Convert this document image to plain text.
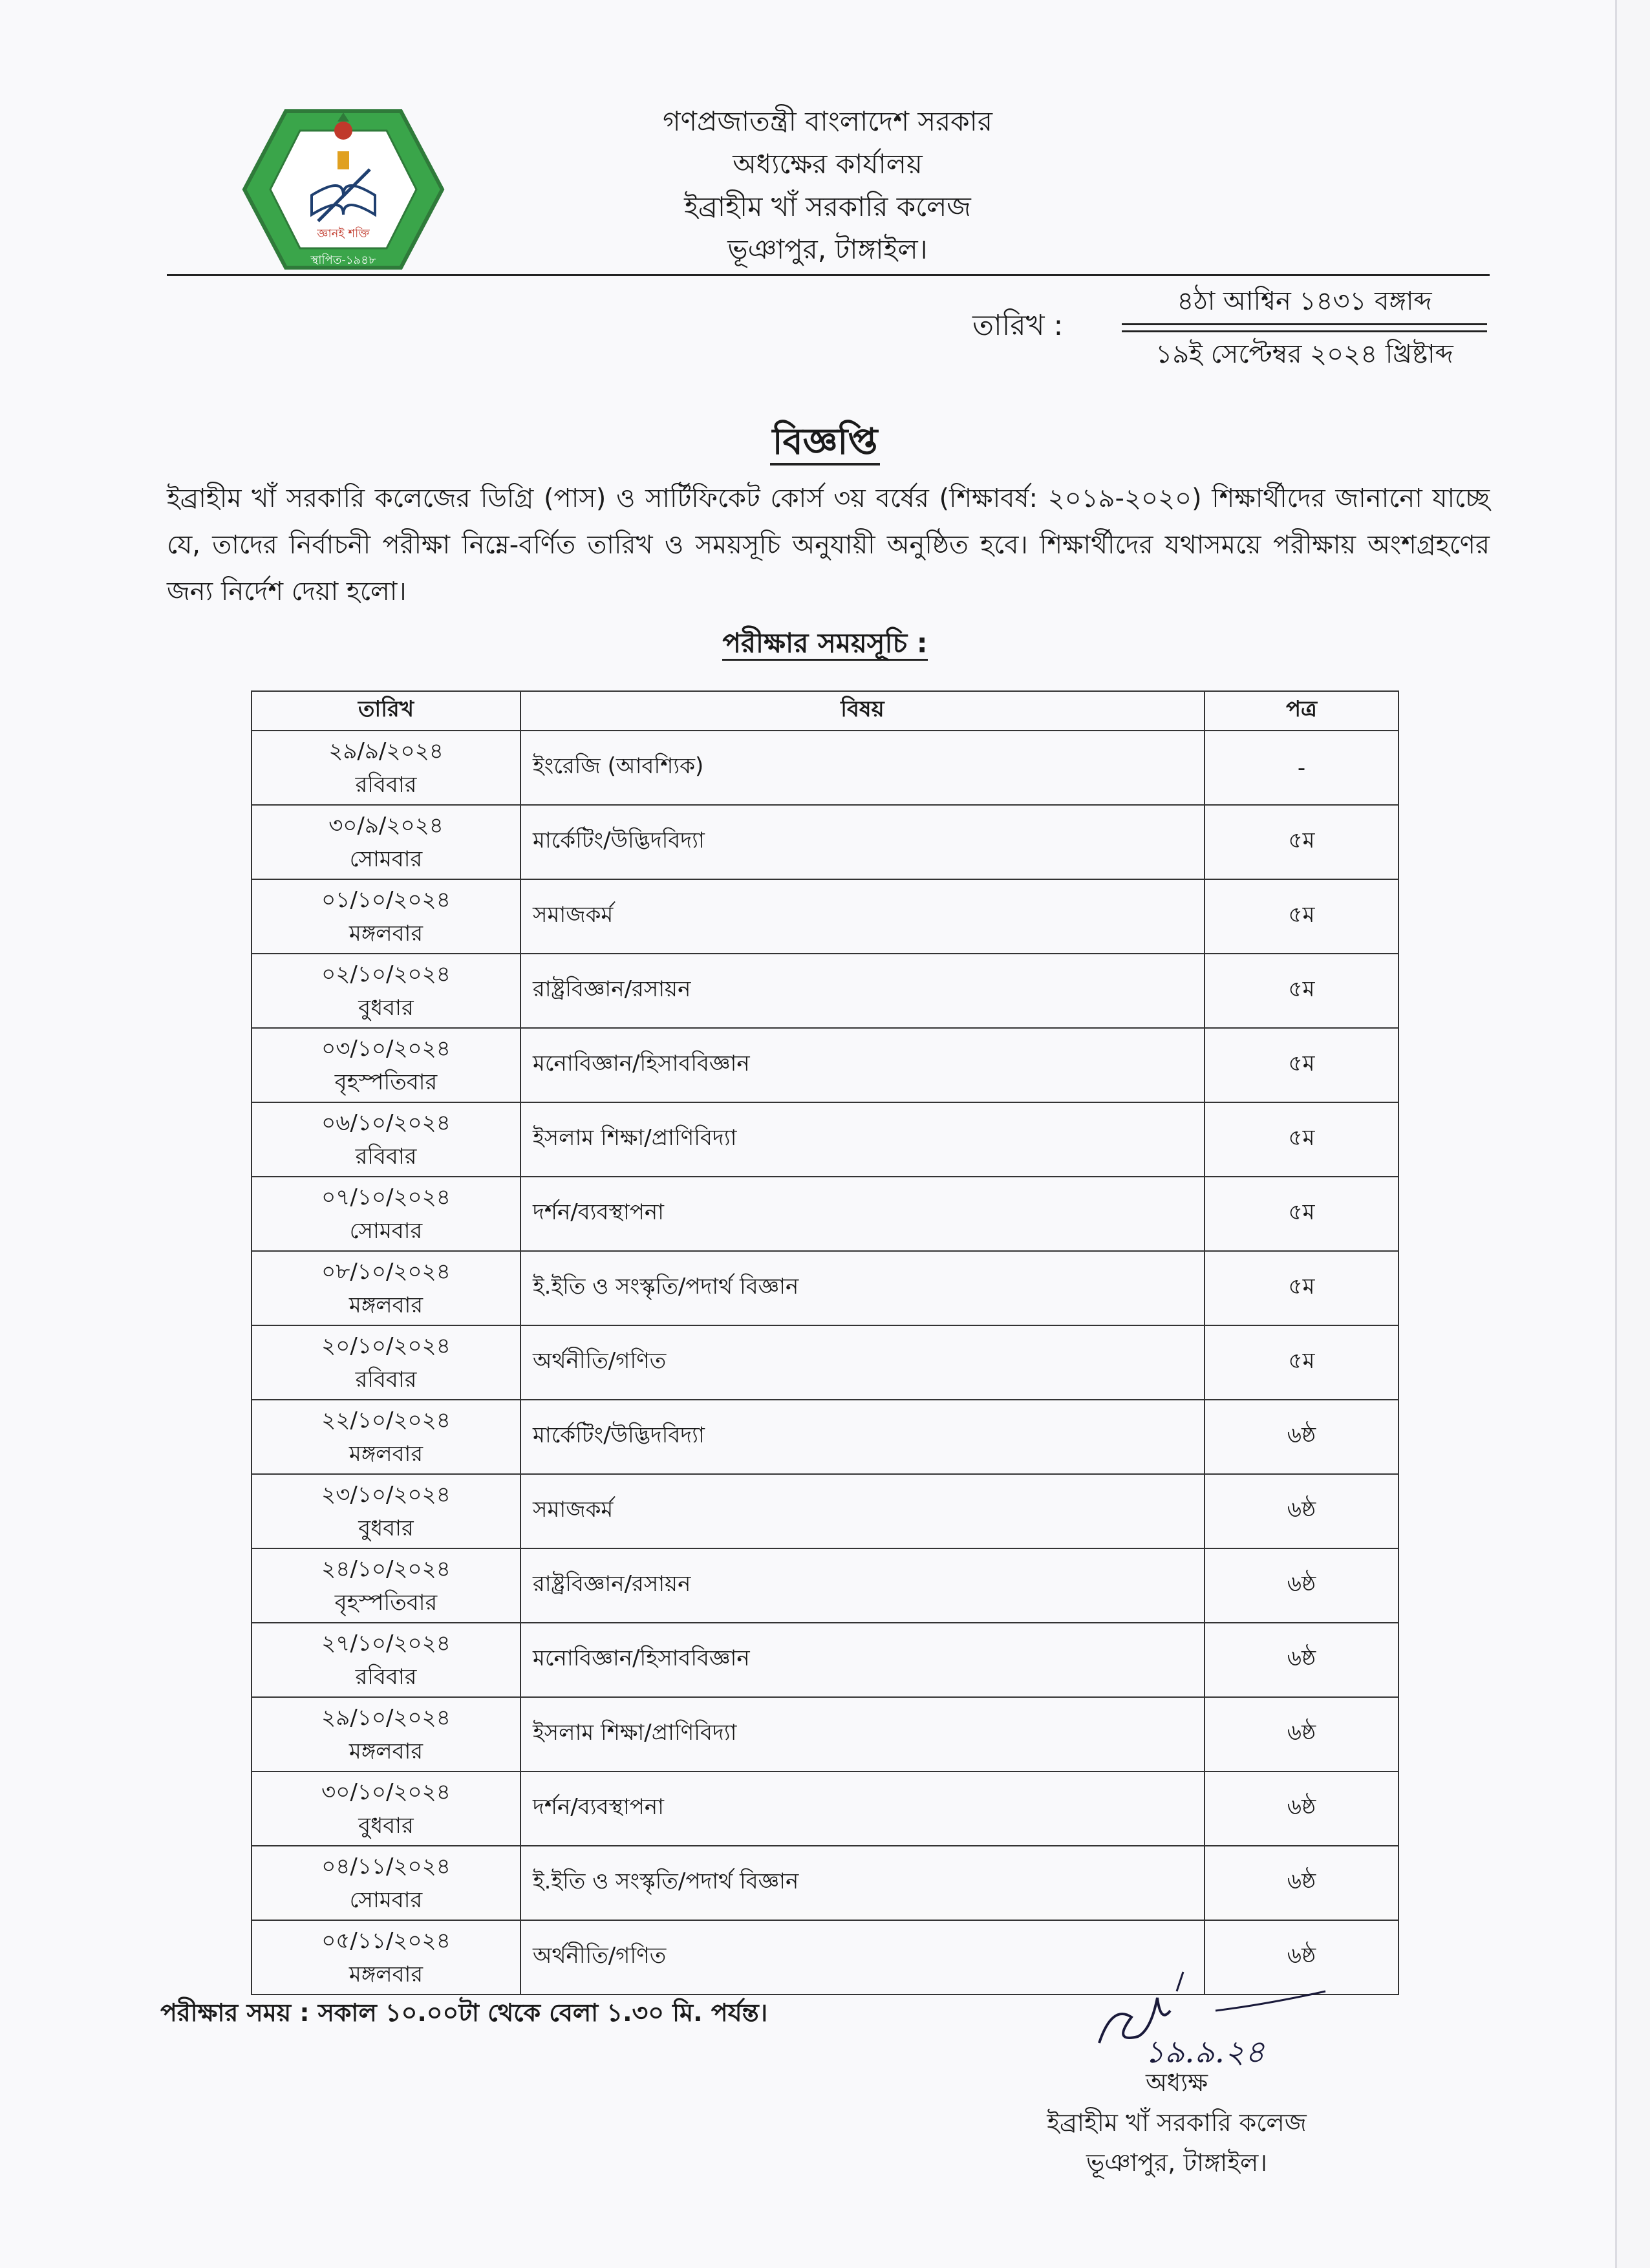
জ্ঞানই শক্তি
স্থাপিত-১৯৪৮
গণপ্রজাতন্ত্রী বাংলাদেশ সরকার
অধ্যক্ষের কার্যালয়
ইব্রাহীম খাঁ সরকারি কলেজ
ভূঞাপুর, টাঙ্গাইল।
তারিখ :
৪ঠা আশ্বিন ১৪৩১ বঙ্গাব্দ
১৯ই সেপ্টেম্বর ২০২৪ খ্রিষ্টাব্দ
বিজ্ঞপ্তি
ইব্রাহীম খাঁ সরকারি কলেজের ডিগ্রি (পাস) ও সার্টিফিকেট কোর্স ৩য় বর্ষের (শিক্ষাবর্ষ: ২০১৯-২০২০) শিক্ষার্থীদের জানানো যাচ্ছে যে, তাদের নির্বাচনী পরীক্ষা নিম্নে-বর্ণিত তারিখ ও সময়সূচি অনুযায়ী অনুষ্ঠিত হবে। শিক্ষার্থীদের যথাসময়ে পরীক্ষায় অংশগ্রহণের জন্য নির্দেশ দেয়া হলো।
পরীক্ষার সময়সূচি :
তারিখ	বিষয়	পত্র

২৯/৯/২০২৪
রবিবার	ইংরেজি (আবশ্যিক)	-

৩০/৯/২০২৪
সোমবার	মার্কেটিং/উদ্ভিদবিদ্যা	৫ম

০১/১০/২০২৪
মঙ্গলবার	সমাজকর্ম	৫ম

০২/১০/২০২৪
বুধবার	রাষ্ট্রবিজ্ঞান/রসায়ন	৫ম

০৩/১০/২০২৪
বৃহস্পতিবার	মনোবিজ্ঞান/হিসাববিজ্ঞান	৫ম

০৬/১০/২০২৪
রবিবার	ইসলাম শিক্ষা/প্রাণিবিদ্যা	৫ম

০৭/১০/২০২৪
সোমবার	দর্শন/ব্যবস্থাপনা	৫ম

০৮/১০/২০২৪
মঙ্গলবার	ই.ইতি ও সংস্কৃতি/পদার্থ বিজ্ঞান	৫ম

২০/১০/২০২৪
রবিবার	অর্থনীতি/গণিত	৫ম

২২/১০/২০২৪
মঙ্গলবার	মার্কেটিং/উদ্ভিদবিদ্যা	৬ষ্ঠ

২৩/১০/২০২৪
বুধবার	সমাজকর্ম	৬ষ্ঠ

২৪/১০/২০২৪
বৃহস্পতিবার	রাষ্ট্রবিজ্ঞান/রসায়ন	৬ষ্ঠ

২৭/১০/২০২৪
রবিবার	মনোবিজ্ঞান/হিসাববিজ্ঞান	৬ষ্ঠ

২৯/১০/২০২৪
মঙ্গলবার	ইসলাম শিক্ষা/প্রাণিবিদ্যা	৬ষ্ঠ

৩০/১০/২০২৪
বুধবার	দর্শন/ব্যবস্থাপনা	৬ষ্ঠ

০৪/১১/২০২৪
সোমবার	ই.ইতি ও সংস্কৃতি/পদার্থ বিজ্ঞান	৬ষ্ঠ

০৫/১১/২০২৪
মঙ্গলবার	অর্থনীতি/গণিত	৬ষ্ঠ
পরীক্ষার সময় : সকাল ১০.০০টা থেকে বেলা ১.৩০ মি. পর্যন্ত।
১৯.৯.২৪
অধ্যক্ষ
ইব্রাহীম খাঁ সরকারি কলেজ
ভূঞাপুর, টাঙ্গাইল।
